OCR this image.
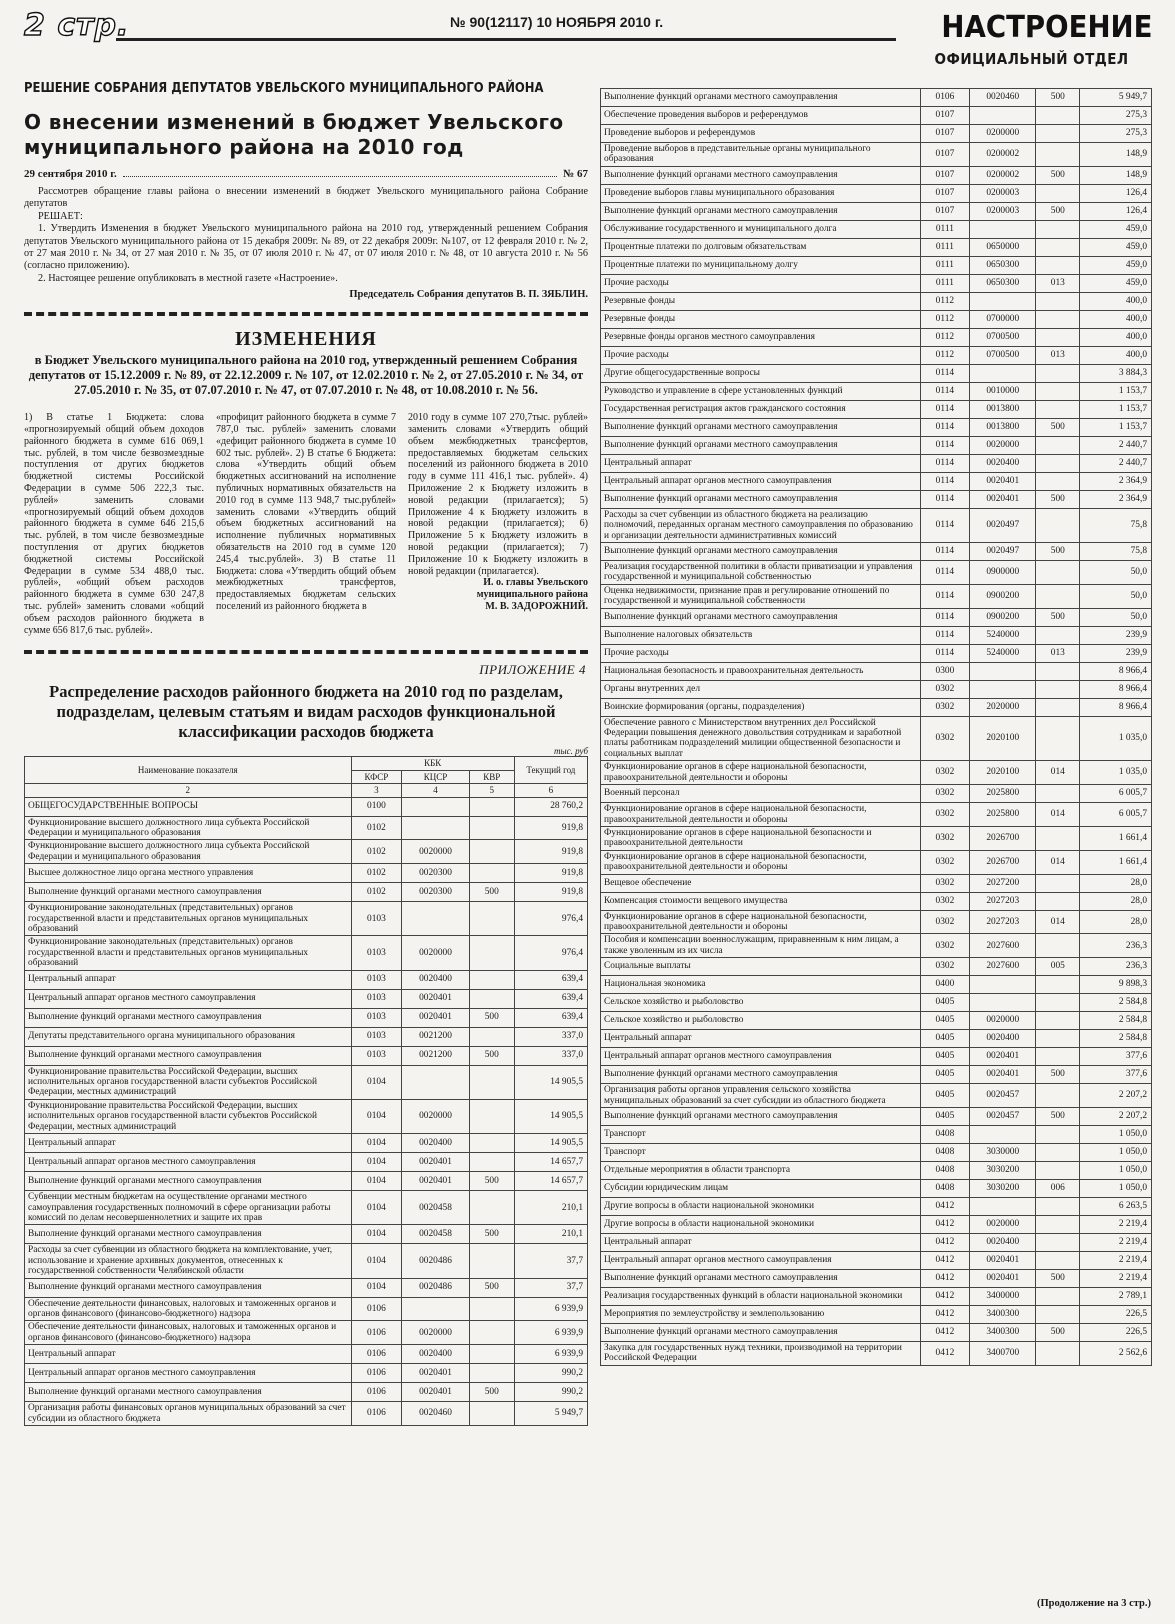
2 стр.	№ 90(12117) 10 НОЯБРЯ 2010 г.	НАСТРОЕНИЕ
ОФИЦИАЛЬНЫЙ ОТДЕЛ
РЕШЕНИЕ СОБРАНИЯ ДЕПУТАТОВ УВЕЛЬСКОГО МУНИЦИПАЛЬНОГО РАЙОНА
О внесении изменений в бюджет Увельского муниципального района на 2010 год
29 сентября 2010 г.	№ 67

Рассмотрев обращение главы района о внесении изменений в бюджет Увельского муниципального района Собрание депутатов

РЕШАЕТ:

1. Утвердить Изменения в бюджет Увельского муниципального района на 2010 год, утвержденный решением Собрания депутатов Увельского муниципального района от 15 декабря 2009г. № 89, от 22 декабря 2009г. №107, от 12 февраля 2010 г. № 2, от 27 мая 2010 г. № 34, от 27 мая 2010 г. № 35, от 07 июля 2010 г. № 47, от 07 июля 2010 г. № 48, от 10 августа 2010 г. № 56 (согласно приложению).

2. Настоящее решение опубликовать в местной газете «Настроение».

Председатель Собрания депутатов В. П. ЗЯБЛИН.
ИЗМЕНЕНИЯ
в Бюджет Увельского муниципального района на 2010 год, утвержденный решением Собрания депутатов от 15.12.2009 г. № 89, от 22.12.2009 г. № 107, от 12.02.2010 г. № 2, от 27.05.2010 г. № 34, от 27.05.2010 г. № 35, от 07.07.2010 г. № 47, от 07.07.2010 г. № 48, от 10.08.2010 г. № 56.

1) В статье 1 Бюджета: слова «прогнозируемый общий объем доходов районного бюджета в сумме 616 069,1 тыс. рублей, в том числе безвозмездные поступления от других бюджетов бюджетной системы Российской Федерации в сумме 506 222,3 тыс. рублей» заменить словами «прогнозируемый общий объем доходов районного бюджета в сумме 646 215,6 тыс. рублей, в том числе безвозмездные поступления от других бюджетов бюджетной системы Российской Федерации в сумме 534 488,0 тыс. рублей», «общий объем расходов районного бюджета в сумме 630 247,8 тыс. рублей» заменить словами «общий объем расходов районного бюджета в сумме 656 817,6 тыс. рублей».

«профицит районного бюджета в сумме 7 787,0 тыс. рублей» заменить словами «дефицит районного бюджета в сумме 10 602 тыс. рублей». 2) В статье 6 Бюджета: слова «Утвердить общий объем бюджетных ассигнований на исполнение публичных нормативных обязательств на 2010 год в сумме 113 948,7 тыс.рублей» заменить словами «Утвердить общий объем бюджетных ассигнований на исполнение публичных нормативных обязательств на 2010 год в сумме 120 245,4 тыс.рублей». 3) В статье 11 Бюджета: слова «Утвердить общий объем межбюджетных трансфертов, предоставляемых бюджетам сельских поселений из районного бюджета в

2010 году в сумме 107 270,7тыс. рублей» заменить словами «Утвердить общий объем межбюджетных трансфертов, предоставляемых бюджетам сельских поселений из районного бюджета в 2010 году в сумме 111 416,1 тыс. рублей». 4) Приложение 2 к Бюджету изложить в новой редакции (прилагается); 5) Приложение 4 к Бюджету изложить в новой редакции (прилагается); 6) Приложение 5 к Бюджету изложить в новой редакции (прилагается); 7) Приложение 10 к Бюджету изложить в новой редакции (прилагается).

И. о. главы Увельского
муниципального района
М. В. ЗАДОРОЖНИЙ.
ПРИЛОЖЕНИЕ 4
Распределение расходов районного бюджета на 2010 год по разделам, подразделам, целевым статьям и видам расходов функциональной классификации расходов бюджета
тыс. руб
Наименование показателя	КБК			Текущий год
	КФСР	КЦСР	КВР	
2	3	4	5	6
ОБЩЕГОСУДАРСТВЕННЫЕ ВОПРОСЫ	0100			28 760,2
Функционирование высшего должностного лица субъекта Российской Федерации и муниципального образования	0102			919,8
Функционирование высшего должностного лица субъекта Российской Федерации и муниципального образования	0102	0020000		919,8
Высшее должностное лицо органа местного управления	0102	0020300		919,8
Выполнение функций органами местного самоуправления	0102	0020300	500	919,8
Функционирование законодательных (представительных) органов государственной власти и представительных органов муниципальных образований	0103			976,4
Функционирование законодательных (представительных) органов государственной власти и представительных органов муниципальных образований	0103	0020000		976,4
Центральный аппарат	0103	0020400		639,4
Центральный аппарат органов местного самоуправления	0103	0020401		639,4
Выполнение функций органами местного самоуправления	0103	0020401	500	639,4
Депутаты представительного органа муниципального образования	0103	0021200		337,0
Выполнение функций органами местного самоуправления	0103	0021200	500	337,0
Функционирование правительства Российской Федерации, высших исполнительных органов государственной власти субъектов Российской Федерации, местных администраций	0104			14 905,5
Функционирование правительства Российской Федерации, высших исполнительных органов государственной власти субъектов Российской Федерации, местных администраций	0104	0020000		14 905,5
Центральный аппарат	0104	0020400		14 905,5
Центральный аппарат органов местного самоуправления	0104	0020401		14 657,7
Выполнение функций органами местного самоуправления	0104	0020401	500	14 657,7
Субвенции местным бюджетам на осуществление органами местного самоуправления государственных полномочий в сфере организации работы комиссий по делам несовершеннолетних и защите их прав	0104	0020458		210,1
Выполнение функций органами местного самоуправления	0104	0020458	500	210,1
Расходы за счет субвенции из областного бюджета на комплектование, учет, использование и хранение архивных документов, отнесенных к государственной собственности Челябинской области	0104	0020486		37,7
Выполнение функций органами местного самоуправления	0104	0020486	500	37,7
Обеспечение деятельности финансовых, налоговых и таможенных органов и органов финансового (финансово-бюджетного) надзора	0106			6 939,9
Обеспечение деятельности финансовых, налоговых и таможенных органов и органов финансового (финансово-бюджетного) надзора	0106	0020000		6 939,9
Центральный аппарат	0106	0020400		6 939,9
Центральный аппарат органов местного самоуправления	0106	0020401		990,2
Выполнение функций органами местного самоуправления	0106	0020401	500	990,2
Организация работы финансовых органов муниципальных образований за счет субсидии из областного бюджета	0106	0020460		5 949,7
Выполнение функций органами местного самоуправления	0106	0020460	500	5 949,7
Обеспечение проведения выборов и референдумов	0107			275,3
Проведение выборов и референдумов	0107	0200000		275,3
Проведение выборов в представительные органы муниципального образования	0107	0200002		148,9
Выполнение функций органами местного самоуправления	0107	0200002	500	148,9
Проведение выборов главы муниципального образования	0107	0200003		126,4
Выполнение функций органами местного самоуправления	0107	0200003	500	126,4
Обслуживание государственного и муниципального долга	0111			459,0
Процентные платежи по долговым обязательствам	0111	0650000		459,0
Процентные платежи по муниципальному долгу	0111	0650300		459,0
Прочие расходы	0111	0650300	013	459,0
Резервные фонды	0112			400,0
Резервные фонды	0112	0700000		400,0
Резервные фонды органов местного самоуправления	0112	0700500		400,0
Прочие расходы	0112	0700500	013	400,0
Другие общегосударственные вопросы	0114			3 884,3
Руководство и управление в сфере установленных функций	0114	0010000		1 153,7
Государственная регистрация актов гражданского состояния	0114	0013800		1 153,7
Выполнение функций органами местного самоуправления	0114	0013800	500	1 153,7
Выполнение функций органами местного самоуправления	0114	0020000		2 440,7
Центральный аппарат	0114	0020400		2 440,7
Центральный аппарат органов местного самоуправления	0114	0020401		2 364,9
Выполнение функций органами местного самоуправления	0114	0020401	500	2 364,9
Расходы за счет субвенции из областного бюджета на реализацию полномочий, переданных органам местного самоуправления по образованию и организации деятельности административных комиссий	0114	0020497		75,8
Выполнение функций органами местного самоуправления	0114	0020497	500	75,8
Реализация государственной политики в области приватизации и управления государственной и муниципальной собственностью	0114	0900000		50,0
Оценка недвижимости, признание прав и регулирование отношений по государственной и муниципальной собственности	0114	0900200		50,0
Выполнение функций органами местного самоуправления	0114	0900200	500	50,0
Выполнение налоговых обязательств	0114	5240000		239,9
Прочие расходы	0114	5240000	013	239,9
Национальная безопасность и правоохранительная деятельность	0300			8 966,4
Органы внутренних дел	0302			8 966,4
Воинские формирования (органы, подразделения)	0302	2020000		8 966,4
Обеспечение равного с Министерством внутренних дел Российской Федерации повышения денежного довольствия сотрудникам и заработной платы работникам подразделений милиции общественной безопасности и социальных выплат	0302	2020100		1 035,0
Функционирование органов в сфере национальной безопасности, правоохранительной деятельности и обороны	0302	2020100	014	1 035,0
Военный персонал	0302	2025800		6 005,7
Функционирование органов в сфере национальной безопасности, правоохранительной деятельности и обороны	0302	2025800	014	6 005,7
Функционирование органов в сфере национальной безопасности и правоохранительной деятельности	0302	2026700		1 661,4
Функционирование органов в сфере национальной безопасности, правоохранительной деятельности и обороны	0302	2026700	014	1 661,4
Вещевое обеспечение	0302	2027200		28,0
Компенсация стоимости вещевого имущества	0302	2027203		28,0
Функционирование органов в сфере национальной безопасности, правоохранительной деятельности и обороны	0302	2027203	014	28,0
Пособия и компенсации военнослужащим, приравненным к ним лицам, а также уволенным из их числа	0302	2027600		236,3
Социальные выплаты	0302	2027600	005	236,3
Национальная экономика	0400			9 898,3
Сельское хозяйство и рыболовство	0405			2 584,8
Сельское хозяйство и рыболовство	0405	0020000		2 584,8
Центральный аппарат	0405	0020400		2 584,8
Центральный аппарат органов местного самоуправления	0405	0020401		377,6
Выполнение функций органами местного самоуправления	0405	0020401	500	377,6
Организация работы органов управления сельского хозяйства муниципальных образований за счет субсидии из областного бюджета	0405	0020457		2 207,2
Выполнение функций органами местного самоуправления	0405	0020457	500	2 207,2
Транспорт	0408			1 050,0
Транспорт	0408	3030000		1 050,0
Отдельные мероприятия в области транспорта	0408	3030200		1 050,0
Субсидии юридическим лицам	0408	3030200	006	1 050,0
Другие вопросы в области национальной экономики	0412			6 263,5
Другие вопросы в области национальной экономики	0412	0020000		2 219,4
Центральный аппарат	0412	0020400		2 219,4
Центральный аппарат органов местного самоуправления	0412	0020401		2 219,4
Выполнение функций органами местного самоуправления	0412	0020401	500	2 219,4
Реализация государственных функций в области национальной экономики	0412	3400000		2 789,1
Мероприятия по землеустройству и землепользованию	0412	3400300		226,5
Выполнение функций органами местного самоуправления	0412	3400300	500	226,5
Закупка для государственных нужд техники, производимой на территории Российской Федерации	0412	3400700		2 562,6
(Продолжение на 3 стр.)
